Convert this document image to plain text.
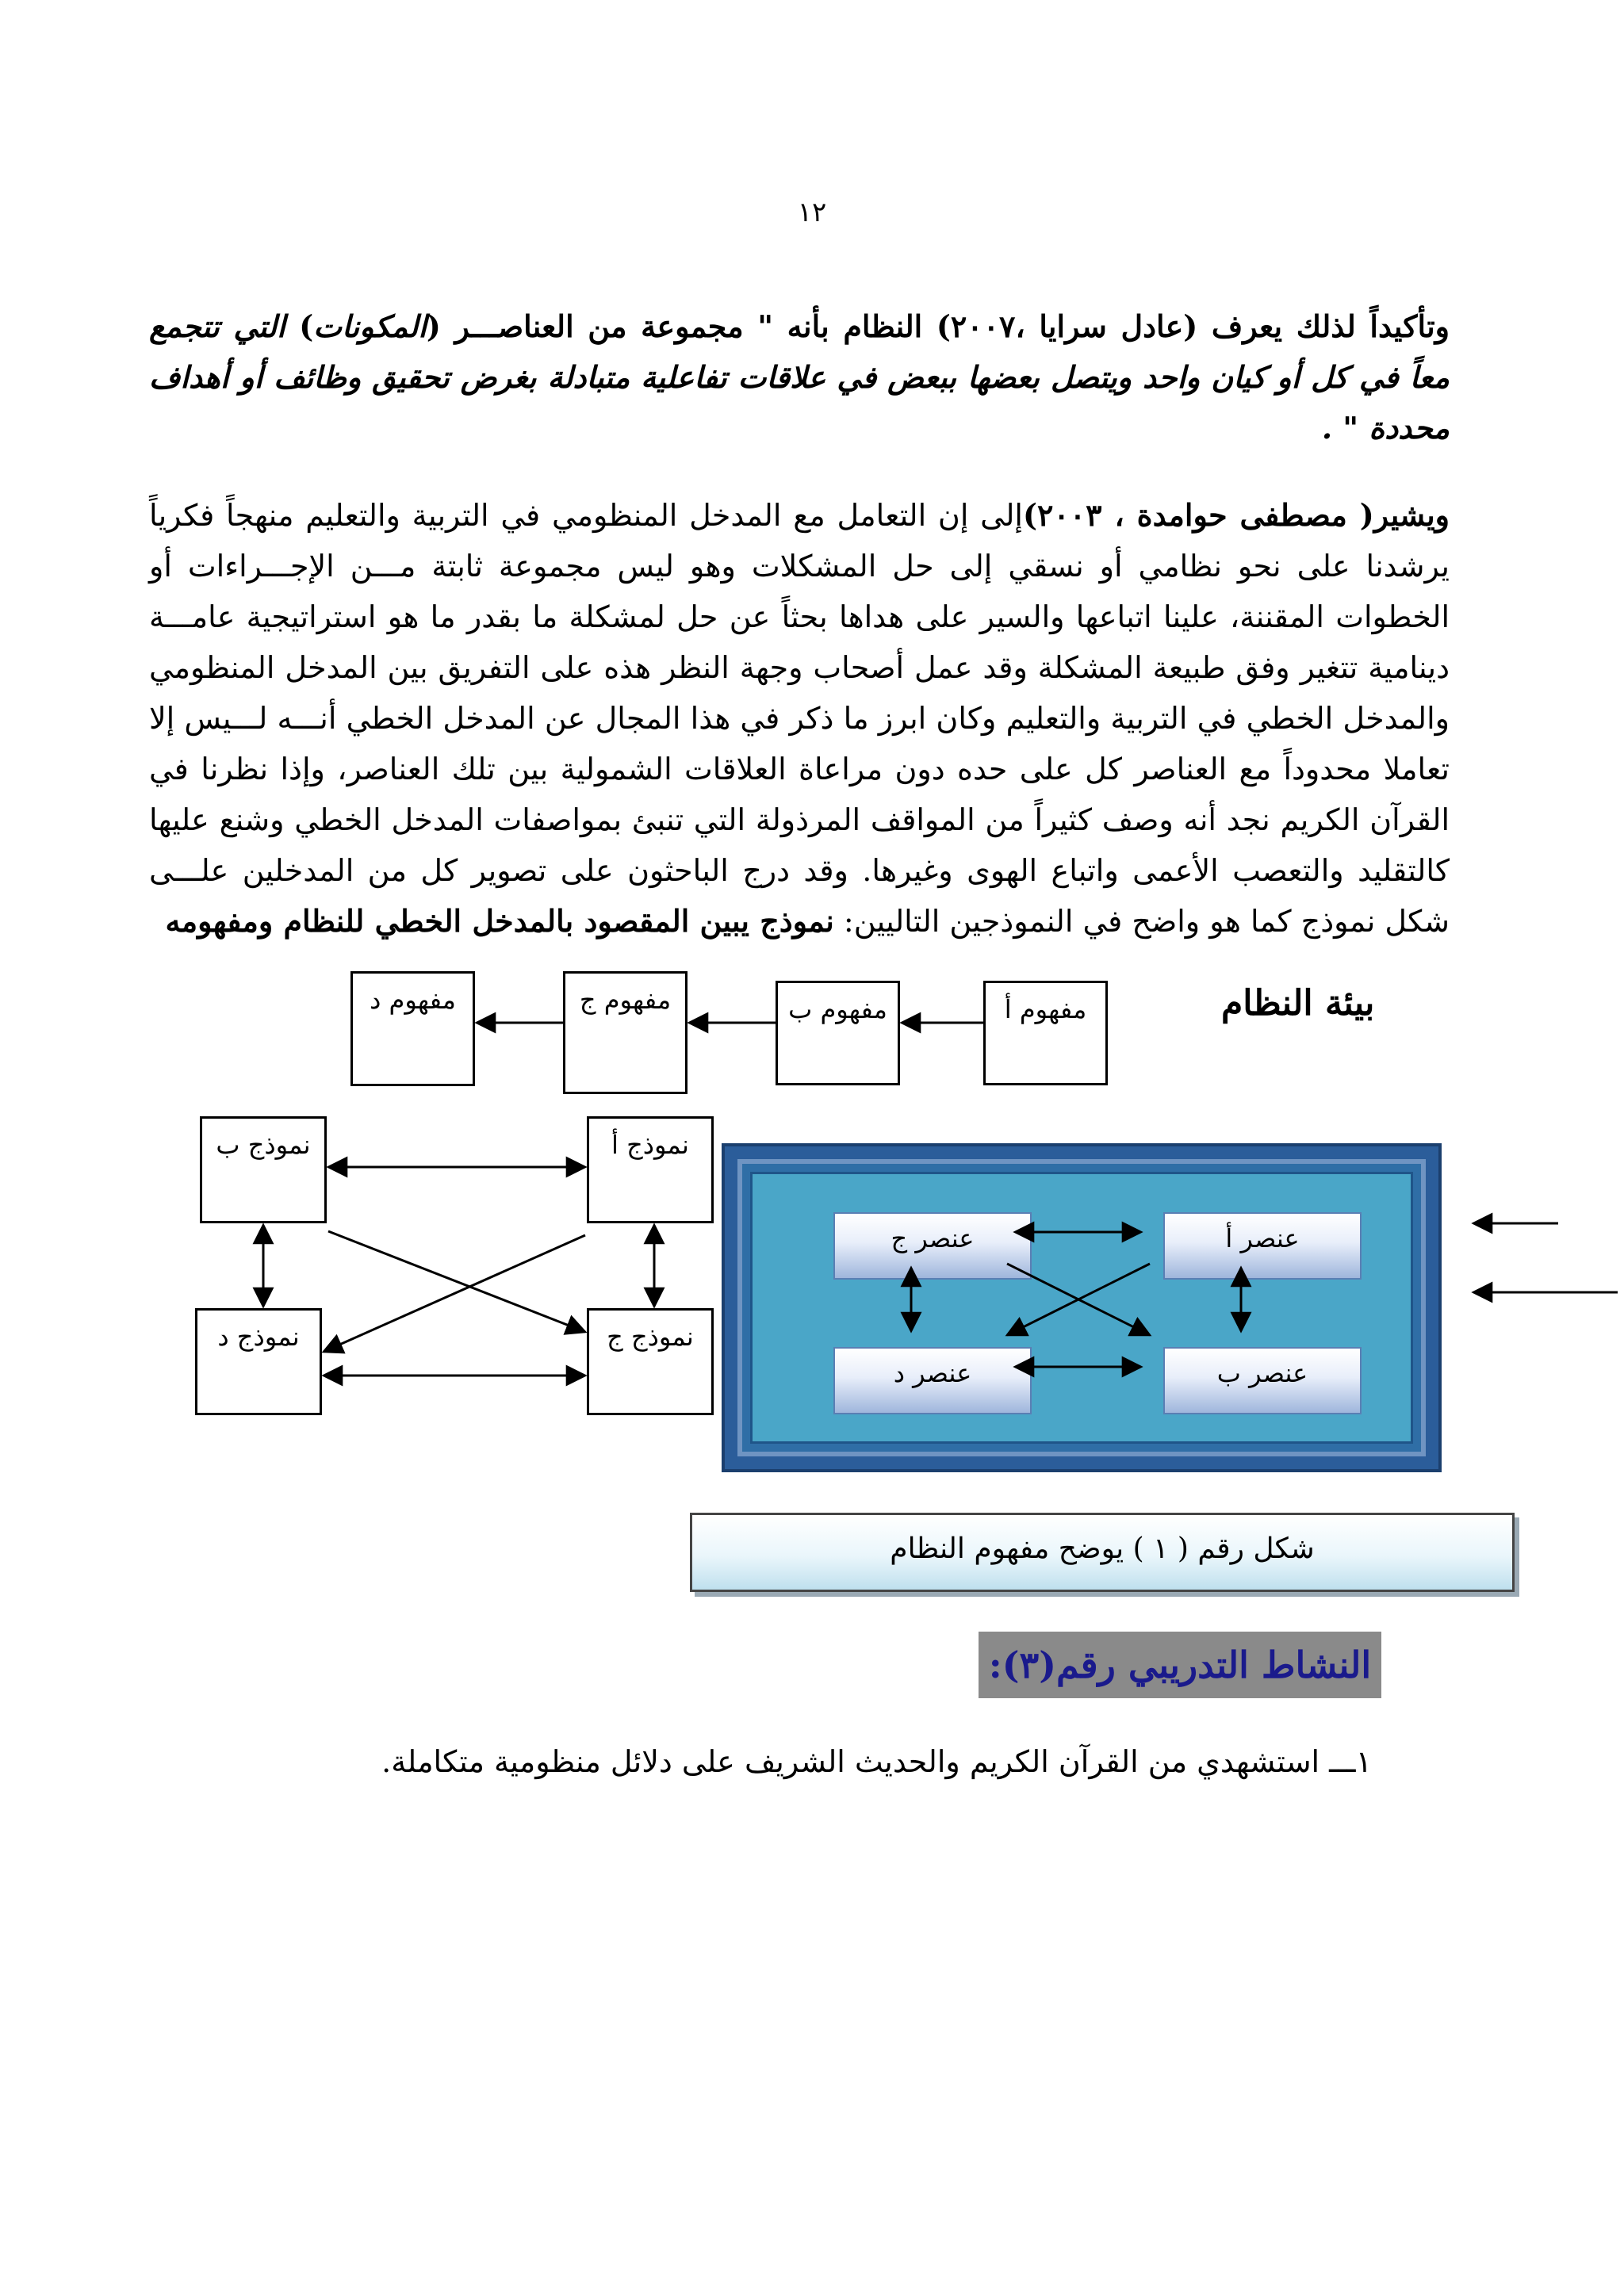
١٢
وتأكيداً لذلك يعرف (عادل سرايا ،٢٠٠٧) النظام بأنه " مجموعة من العناصـــر (المكونات) التي تتجمع معاً في كل أو كيان واحد ويتصل بعضها ببعض في علاقات تفاعلية متبادلة بغرض تحقيق وظائف أو أهداف محددة " .
ويشير( مصطفى حوامدة ، ٢٠٠٣)إلى إن التعامل مع المدخل المنظومي في التربية والتعليم منهجاً فكرياً يرشدنا على نحو نظامي أو نسقي إلى حل المشكلات وهو ليس مجموعة ثابتة مـــن الإجـــراءات أو الخطوات المقننة، علينا اتباعها والسير على هداها بحثاً عن حل لمشكلة ما بقدر ما هو استراتيجية عامـــة دينامية تتغير وفق طبيعة المشكلة وقد عمل أصحاب وجهة النظر هذه على التفريق بين المدخل المنظومي والمدخل الخطي في التربية والتعليم وكان ابرز ما ذكر في هذا المجال عن المدخل الخطي أنـــه لـــيس إلا تعاملا محدوداً مع العناصر كل على حده دون مراعاة العلاقات الشمولية بين تلك العناصر، وإذا نظرنا في القرآن الكريم نجد أنه وصف كثيراً من المواقف المرذولة التي تنبئ بمواصفات المدخل الخطي وشنع عليها كالتقليد والتعصب الأعمى واتباع الهوى وغيرها. وقد درج الباحثون على تصوير كل من المدخلين علـــى شكل نموذج كما هو واضح في النموذجين التاليين: نموذج يبين المقصود بالمدخل الخطي للنظام ومفهومه
بيئة النظام
مفهوم أ
مفهوم ب
مفهوم ج
مفهوم د
نموذج أ
نموذج ب
نموذج ج
نموذج د
عنصر أ
عنصر ب
عنصر ج
عنصر د
شكل رقم ( ١ ) يوضح مفهوم النظام
النشاط التدريبي رقم(٣):
١ـــ استشهدي من القرآن الكريم والحديث الشريف على دلائل منظومية متكاملة.
